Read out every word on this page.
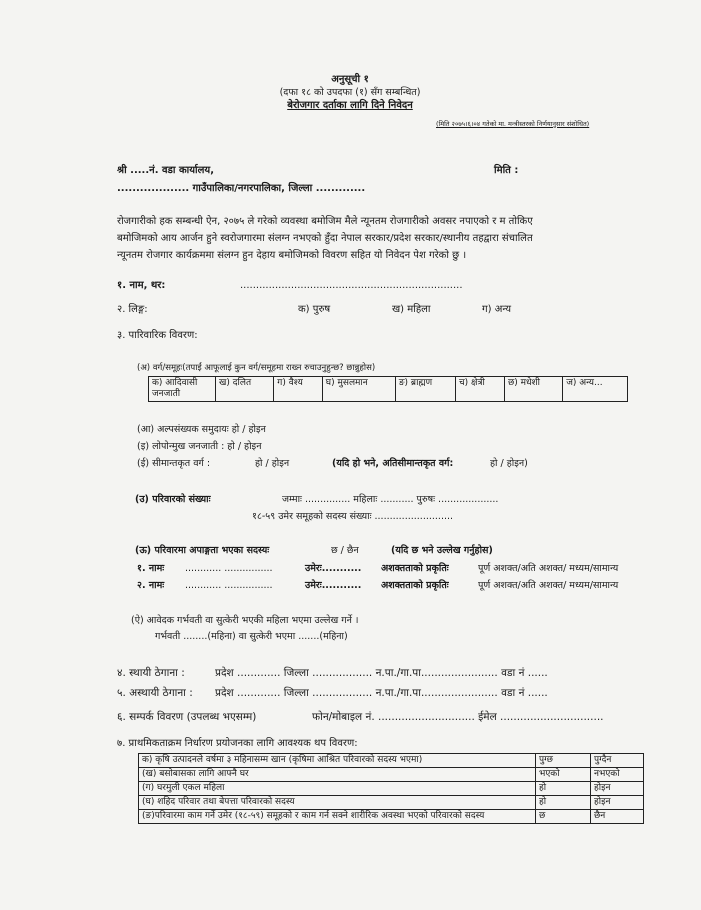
अनुसूची १
(दफा १८ को उपदफा (१) सँग सम्बन्धित)
बेरोजगार दर्ताका लागि दिने निवेदन
(मिति २०७५।६।०४ गतेको मा. मन्त्रीस्तरको निर्णयानुसार संशोधित)
श्री .....नं. वडा कार्यालय,	मिति :
................... गाउँपालिका/नगरपालिका, जिल्ला .............
रोजगारीको हक सम्बन्धी ऐन, २०७५ ले गरेको व्यवस्था बमोजिम मैले न्यूनतम रोजगारीको अवसर नपाएको र म तोकिए
बमोजिमको आय आर्जन हुने स्वरोजगारमा संलग्न नभएको हुँदा नेपाल सरकार/प्रदेश सरकार/स्थानीय तहद्वारा संचालित
न्यूनतम रोजगार कार्यक्रममा संलग्न हुन देहाय बमोजिमको विवरण सहित यो निवेदन पेश गरेको छु ।
१. नाम, थर:	......................................................................
२. लिङ्ग:	क) पुरुष	ख) महिला	ग) अन्य
३. पारिवारिक विवरण:
(अ) वर्ग/समूहः(तपाईं आफूलाई कुन वर्ग/समूहमा राख्न रुचाउनुहुन्छ? छान्नुहोस)
क) आदिवासी जनजाती	ख) दलित	ग) वैश्य	घ) मुसलमान	ङ) ब्राह्मण	च) क्षेत्री	छ) मधेशी	ज) अन्य...
(आ) अल्पसंख्यक समुदायः हो / होइन
(इ) लोपोन्मुख जनजाती : हो / होइन
(ई) सीमान्तकृत वर्ग :	हो / होइन	(यदि हो भने, अतिसीमान्तकृत वर्ग:	हो / होइन)
(उ) परिवारको संख्याः	जम्माः ............... महिलाः ........... पुरुषः ....................
१८-५९ उमेर समूहको सदस्य संख्याः ..........................
(ऊ) परिवारमा अपाङ्गता भएका सदस्यः	छ / छैन	(यदि छ भने उल्लेख गर्नुहोस)
१. नामः ............ ................	उमेरः........... अशक्तताको प्रकृतिः	पूर्ण अशक्त/अति अशक्त/ मध्यम/सामान्य
२. नामः ............ ................	उमेरः........... अशक्तताको प्रकृतिः	पूर्ण अशक्त/अति अशक्त/ मध्यम/सामान्य
(ऐ) आवेदक गर्भवती वा सुत्केरी भएकी महिला भएमा उल्लेख गर्ने ।
गर्भवती ........(महिना) वा सुत्केरी भएमा .......(महिना)
४. स्थायी ठेगाना :	प्रदेश ............. जिल्ला .................. न.पा./गा.पा....................... वडा नं ......
५. अस्थायी ठेगाना : प्रदेश ............. जिल्ला .................. न.पा./गा.पा....................... वडा नं ......
६. सम्पर्क विवरण (उपलब्ध भएसम्म)	फोन/मोबाइल नं. ............................. ईमेल ...............................
७. प्राथमिकताक्रम निर्धारण प्रयोजनका लागि आवश्यक थप विवरण:
क) कृषि उत्पादनले वर्षमा ३ महिनासम्म खान (कृषिमा आश्रित परिवारको सदस्य भएमा)	पुग्छ	पुग्दैन
(ख) बसोबासका लागि आफ्नै घर	भएको	नभएको
(ग) घरमुली एकल महिला	हो	होइन
(घ) शहिद परिवार तथा बेपत्ता परिवारको सदस्य	हो	होइन
(ङ)परिवारमा काम गर्ने उमेर (१८-५९) समूहको र काम गर्न सक्ने शारीरिक अवस्था भएको परिवारको सदस्य	छ	छैन
